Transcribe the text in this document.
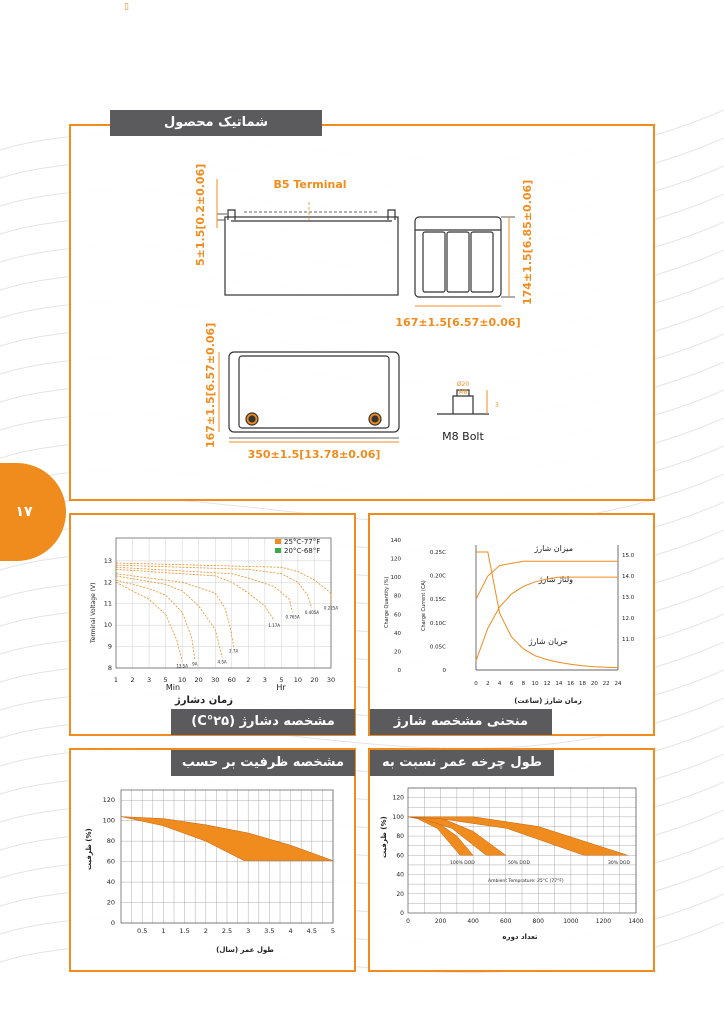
▯
۱۷
شماتیک محصول
B5 Terminal
5±1.5[0.2±0.06]	174±1.5[6.85±0.06]
167±1.5[6.57±0.06]
167±1.5[6.57±0.06]
350±1.5[13.78±0.06]
Ø20
M8
3
M8 Bolt
مشخصه دشارژ (۲۵°C)
Terminal Voltage (V)
زمان دشارژ
Min	Hr
25°C-77°F
20°C-68°F
1 2 3 5 10 20 30 60 2 3 5 10 20 30
8
9
10
11
12
13
13.5A 9A	4.5A
2.7A
1.17A
0.765A
0.405A
0.225A
منحنی مشخصه شارژ
Charge Quantity (%)	Charge Current (CA)
زمان شارژ (ساعت)
میزان شارژ
ولتاژ شارژ
جریان شارژ
0 2 4 6 8 10 12 14 16 18 20 22 24
140
120
100
80
60
40
20
0
0.25C
0.20C
0.15C
0.10C
0.05C
0
15.0
14.0
13.0
12.0
11.0
مشخصه ظرفیت بر حسب طول عمر
ظرفیت (%)
طول عمر (سال)
0
20
40
60
80
100
120
0.5 1 1.5 2 2.5 3 3.5 4 4.5 5
طول چرخه عمر نسبت به عمق شارژ
ظرفیت (%)
تعداد دوره
Ambient Temprature: 25°C (77°F)
100% DOD	50% DOD	30% DOD
0
20
40
60
80
100
120
0	200	400	600	800	1000	1200	1400
